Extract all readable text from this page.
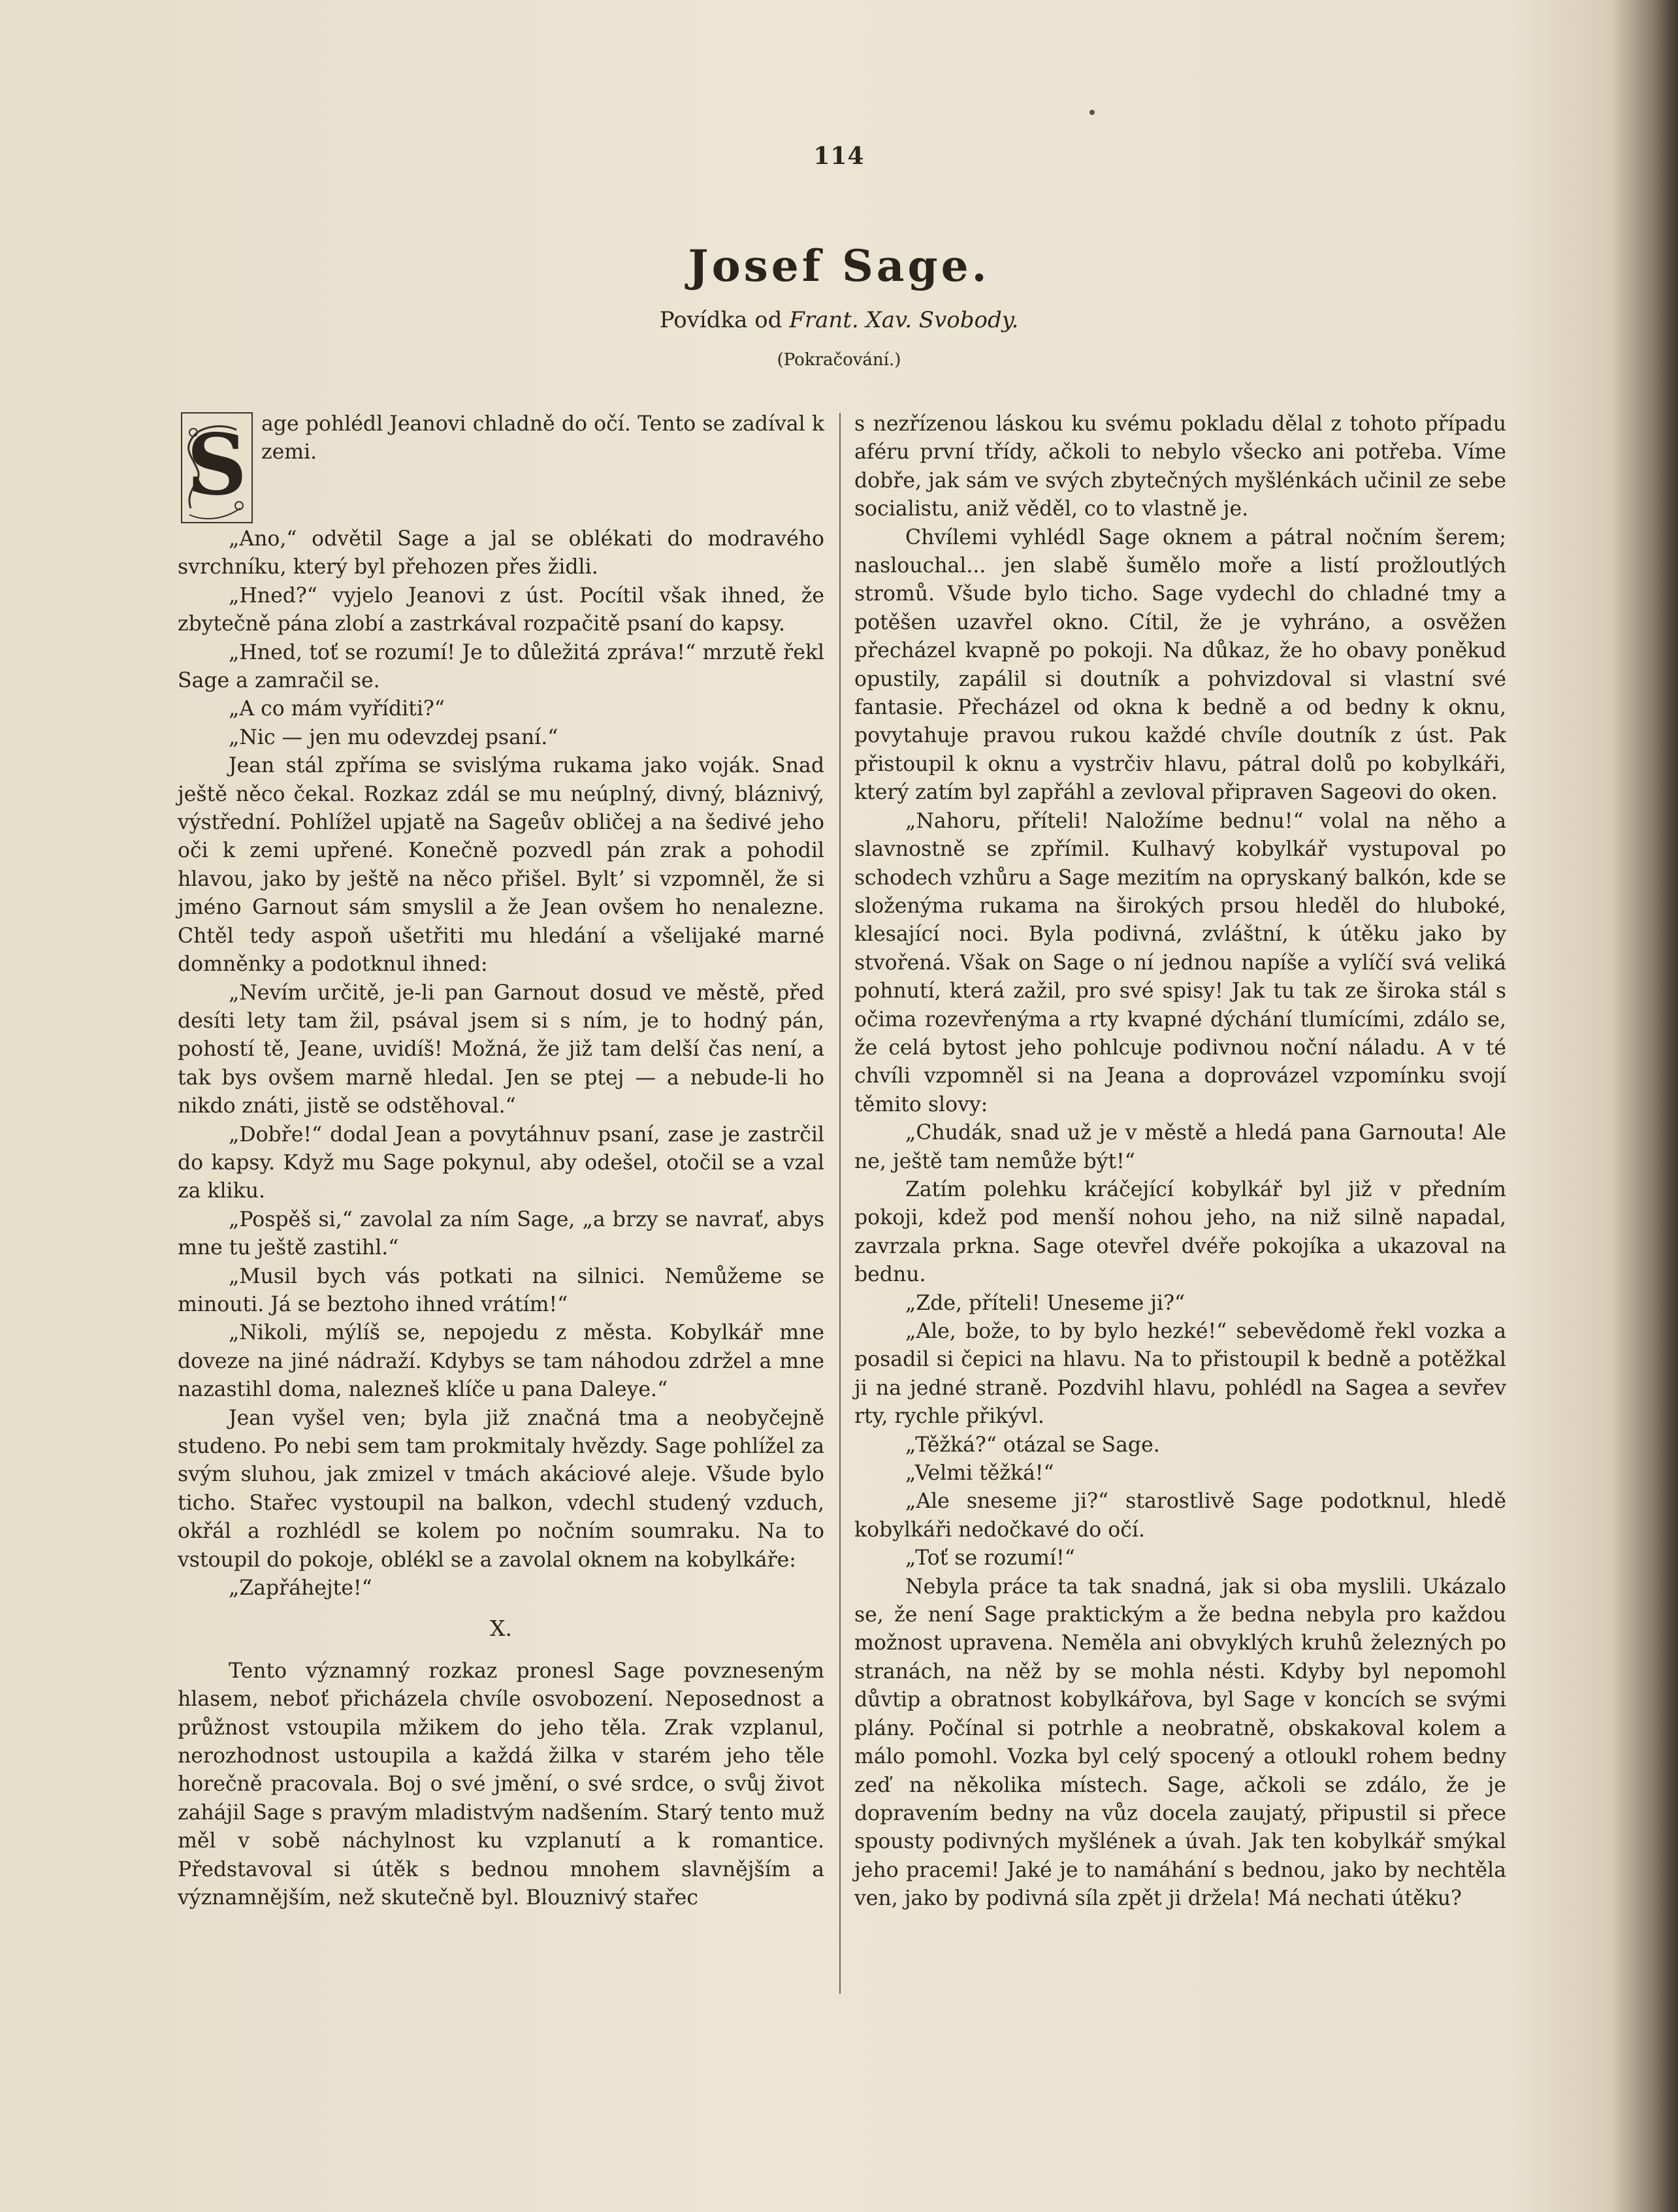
114
Josef Sage.
Povídka od Frant. Xav. Svobody.
(Pokračování.)
S age pohlédl Jeanovi chladně do očí. Tento se zadíval k zemi.

„Ano,“ odvětil Sage a jal se oblékati do modravého svrchníku, který byl přehozen přes židli.

„Hned?“ vyjelo Jeanovi z úst. Pocítil však ihned, že zbytečně pána zlobí a zastrkával rozpačitě psaní do kapsy.

„Hned, toť se rozumí! Je to důležitá zpráva!“ mrzutě řekl Sage a zamračil se.

„A co mám vyříditi?“

„Nic — jen mu odevzdej psaní.“

Jean stál zpříma se svislýma rukama jako voják. Snad ještě něco čekal. Rozkaz zdál se mu neúplný, divný, bláznivý, výstřední. Pohlížel upjatě na Sageův obličej a na šedivé jeho oči k zemi upřené. Konečně pozvedl pán zrak a pohodil hlavou, jako by ještě na něco přišel. Byltʼ si vzpomněl, že si jméno Garnout sám smyslil a že Jean ovšem ho nenalezne. Chtěl tedy aspoň ušetřiti mu hledání a všelijaké marné domněnky a podotknul ihned:

„Nevím určitě, je-li pan Garnout dosud ve městě, před desíti lety tam žil, psával jsem si s ním, je to hodný pán, pohostí tě, Jeane, uvidíš! Možná, že již tam delší čas není, a tak bys ovšem marně hledal. Jen se ptej — a nebude-li ho nikdo znáti, jistě se odstěhoval.“

„Dobře!“ dodal Jean a povytáhnuv psaní, zase je zastrčil do kapsy. Když mu Sage pokynul, aby odešel, otočil se a vzal za kliku.

„Pospěš si,“ zavolal za ním Sage, „a brzy se navrať, abys mne tu ještě zastihl.“

„Musil bych vás potkati na silnici. Nemůžeme se minouti. Já se beztoho ihned vrátím!“

„Nikoli, mýlíš se, nepojedu z města. Kobylkář mne doveze na jiné nádraží. Kdybys se tam náhodou zdržel a mne nazastihl doma, nalezneš klíče u pana Daleye.“

Jean vyšel ven; byla již značná tma a neobyčejně studeno. Po nebi sem tam prokmitaly hvězdy. Sage pohlížel za svým sluhou, jak zmizel v tmách akáciové aleje. Všude bylo ticho. Stařec vystoupil na balkon, vdechl studený vzduch, okřál a rozhlédl se kolem po nočním soumraku. Na to vstoupil do pokoje, oblékl se a zavolal oknem na kobylkáře:

„Zapřáhejte!“

X.

Tento významný rozkaz pronesl Sage povzneseným hlasem, neboť přicházela chvíle osvobození. Neposednost a průžnost vstoupila mžikem do jeho těla. Zrak vzplanul, nerozhodnost ustoupila a každá žilka v starém jeho těle horečně pracovala. Boj o své jmění, o své srdce, o svůj život zahájil Sage s pravým mladistvým nadšením. Starý tento muž měl v sobě náchylnost ku vzplanutí a k romantice. Představoval si útěk s bednou mnohem slavnějším a významnějším, než skutečně byl. Blouznivý stařec

s nezřízenou láskou ku svému pokladu dělal z tohoto případu aféru první třídy, ačkoli to nebylo všecko ani potřeba. Víme dobře, jak sám ve svých zbytečných myšlénkách učinil ze sebe socialistu, aniž věděl, co to vlastně je.

Chvílemi vyhlédl Sage oknem a pátral nočním šerem; naslouchal... jen slabě šumělo moře a listí prožloutlých stromů. Všude bylo ticho. Sage vydechl do chladné tmy a potěšen uzavřel okno. Cítil, že je vyhráno, a osvěžen přecházel kvapně po pokoji. Na důkaz, že ho obavy poněkud opustily, zapálil si doutník a pohvizdoval si vlastní své fantasie. Přecházel od okna k bedně a od bedny k oknu, povytahuje pravou rukou každé chvíle doutník z úst. Pak přistoupil k oknu a vystrčiv hlavu, pátral dolů po kobylkáři, který zatím byl zapřáhl a zevloval připraven Sageovi do oken.

„Nahoru, příteli! Naložíme bednu!“ volal na něho a slavnostně se zpřímil. Kulhavý kobylkář vystupoval po schodech vzhůru a Sage mezitím na opryskaný balkón, kde se složenýma rukama na širokých prsou hleděl do hluboké, klesající noci. Byla podivná, zvláštní, k útěku jako by stvořená. Však on Sage o ní jednou napíše a vylíčí svá veliká pohnutí, která zažil, pro své spisy! Jak tu tak ze široka stál s očima rozevřenýma a rty kvapné dýchání tlumícími, zdálo se, že celá bytost jeho pohlcuje podivnou noční náladu. A v té chvíli vzpomněl si na Jeana a doprovázel vzpomínku svojí těmito slovy:

„Chudák, snad už je v městě a hledá pana Garnouta! Ale ne, ještě tam nemůže být!“

Zatím polehku kráčející kobylkář byl již v předním pokoji, kdež pod menší nohou jeho, na niž silně napadal, zavrzala prkna. Sage otevřel dvéře pokojíka a ukazoval na bednu.

„Zde, příteli! Uneseme ji?“

„Ale, bože, to by bylo hezké!“ sebevědomě řekl vozka a posadil si čepici na hlavu. Na to přistoupil k bedně a potěžkal ji na jedné straně. Pozdvihl hlavu, pohlédl na Sagea a sevřev rty, rychle přikývl.

„Těžká?“ otázal se Sage.

„Velmi těžká!“

„Ale sneseme ji?“ starostlivě Sage podotknul, hledě kobylkáři nedočkavé do očí.

„Toť se rozumí!“

Nebyla práce ta tak snadná, jak si oba myslili. Ukázalo se, že není Sage praktickým a že bedna nebyla pro každou možnost upravena. Neměla ani obvyklých kruhů železných po stranách, na něž by se mohla nésti. Kdyby byl nepomohl důvtip a obratnost kobylkářova, byl Sage v koncích se svými plány. Počínal si potrhle a neobratně, obskakoval kolem a málo pomohl. Vozka byl celý spocený a otloukl rohem bedny zeď na několika místech. Sage, ačkoli se zdálo, že je dopravením bedny na vůz docela zaujatý, připustil si přece spousty podivných myšlének a úvah. Jak ten kobylkář smýkal jeho pracemi! Jaké je to namáhání s bednou, jako by nechtěla ven, jako by podivná síla zpět ji držela! Má nechati útěku?
